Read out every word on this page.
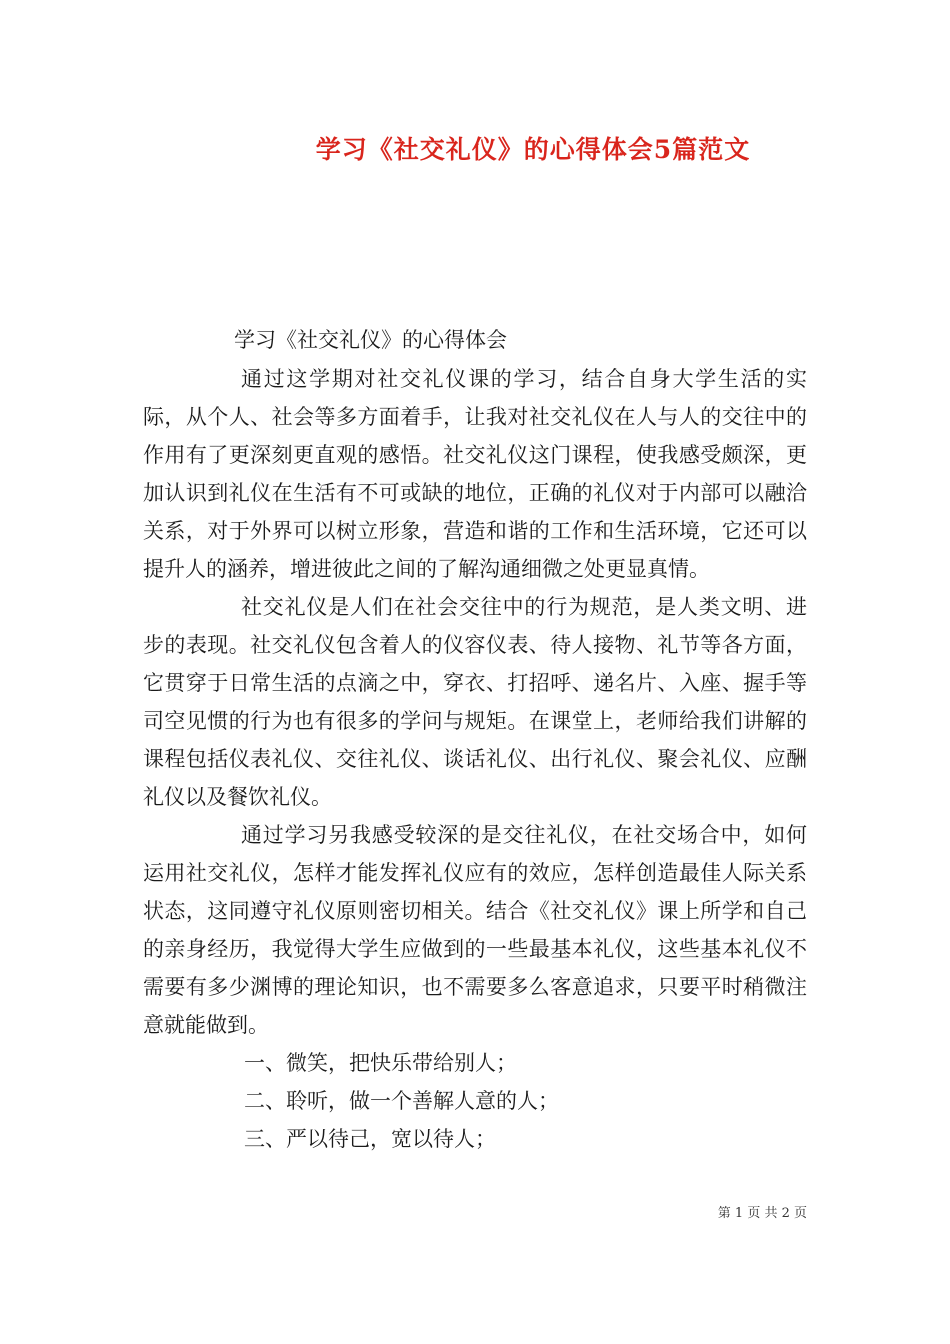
学习《社交礼仪》的心得体会5篇范文

学习《社交礼仪》的心得体会

通过这学期对社交礼仪课的学习，结合自身大学生活的实际，从个人、社会等多方面着手，让我对社交礼仪在人与人的交往中的作用有了更深刻更直观的感悟。社交礼仪这门课程，使我感受颇深，更加认识到礼仪在生活有不可或缺的地位，正确的礼仪对于内部可以融洽关系，对于外界可以树立形象，营造和谐的工作和生活环境，它还可以提升人的涵养，增进彼此之间的了解沟通细微之处更显真情。

社交礼仪是人们在社会交往中的行为规范，是人类文明、进步的表现。社交礼仪包含着人的仪容仪表、待人接物、礼节等各方面，它贯穿于日常生活的点滴之中，穿衣、打招呼、递名片、入座、握手等司空见惯的行为也有很多的学问与规矩。在课堂上，老师给我们讲解的课程包括仪表礼仪、交往礼仪、谈话礼仪、出行礼仪、聚会礼仪、应酬礼仪以及餐饮礼仪。

通过学习另我感受较深的是交往礼仪，在社交场合中，如何运用社交礼仪，怎样才能发挥礼仪应有的效应，怎样创造最佳人际关系状态，这同遵守礼仪原则密切相关。结合《社交礼仪》课上所学和自己的亲身经历，我觉得大学生应做到的一些最基本礼仪，这些基本礼仪不需要有多少渊博的理论知识，也不需要多么客意追求，只要平时稍微注意就能做到。

一、微笑，把快乐带给别人；

二、聆听，做一个善解人意的人；

三、严以待己，宽以待人；

第 1 页 共 2 页
